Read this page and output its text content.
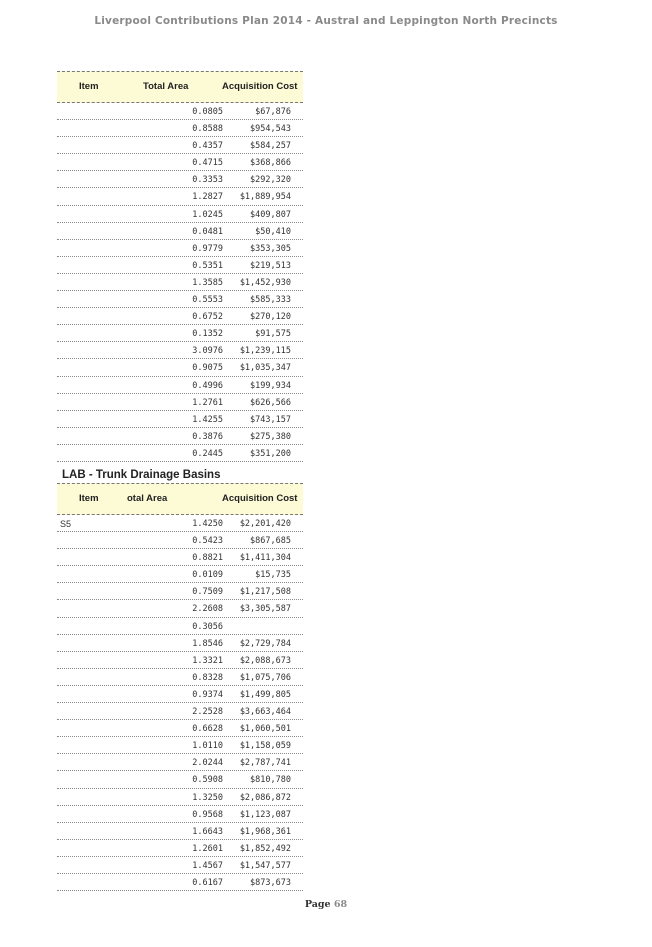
Liverpool Contributions Plan 2014 - Austral and Leppington North Precincts
Item	Total Area	Acquisition Cost
0.0805	$67,876
0.8588	$954,543
0.4357	$584,257
0.4715	$368,866
0.3353	$292,320
1.2827 $1,889,954
1.0245	$409,807
0.0481	$50,410
0.9779	$353,305
0.5351	$219,513
1.3585 $1,452,930
0.5553	$585,333
0.6752	$270,120
0.1352	$91,575
3.0976 $1,239,115
0.9075 $1,035,347
0.4996	$199,934
1.2761	$626,566
1.4255	$743,157
0.3876	$275,380
0.2445	$351,200
LAB - Trunk Drainage Basins
Item	otal Area	Acquisition Cost
S5	1.4250 $2,201,420
0.5423	$867,685
0.8821 $1,411,304
0.0109	$15,735
0.7509 $1,217,508
2.2608 $3,305,587
0.3056
1.8546 $2,729,784
1.3321 $2,088,673
0.8328 $1,075,706
0.9374 $1,499,805
2.2528 $3,663,464
0.6628 $1,060,501
1.0110 $1,158,059
2.0244 $2,787,741
0.5908	$810,780
1.3250 $2,086,872
0.9568 $1,123,087
1.6643 $1,968,361
1.2601 $1,852,492
1.4567 $1,547,577
0.6167	$873,673
Page 68
